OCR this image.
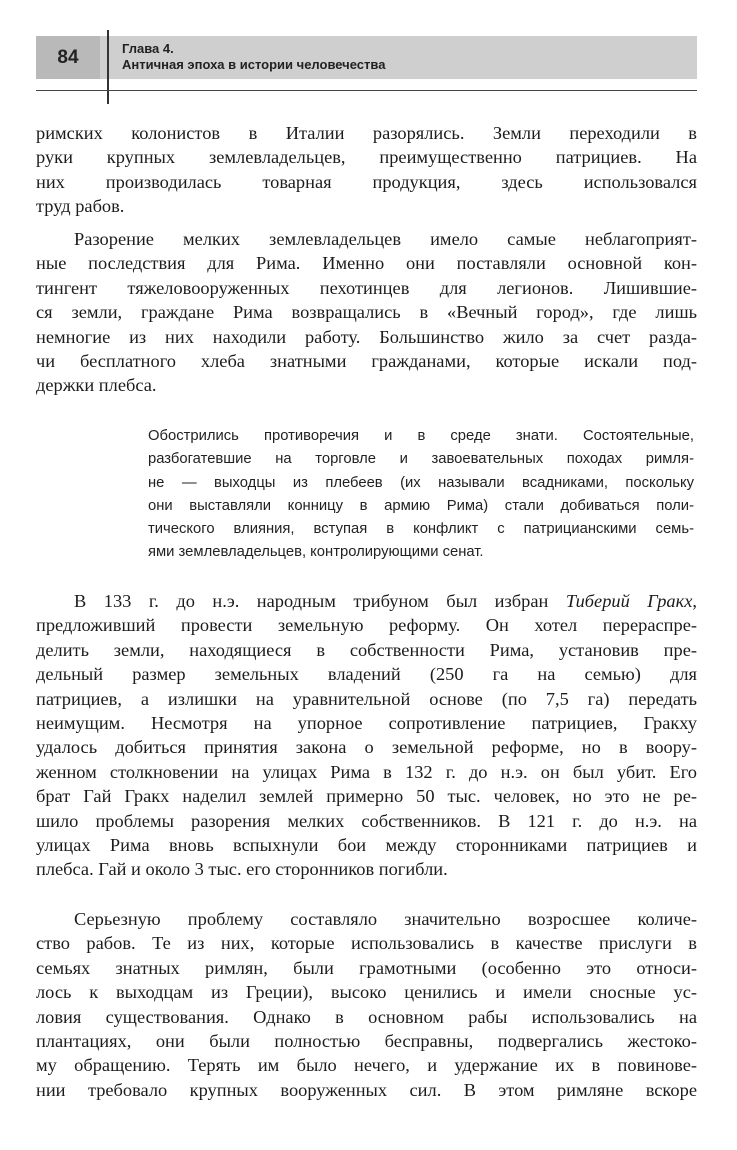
84	Глава 4.
Античная эпоха в истории человечества
римских колонистов в Италии разорялись. Земли переходили в
руки крупных землевладельцев, преимущественно патрициев. На
них производилась товарная продукция, здесь использовался
труд рабов.
Разорение мелких землевладельцев имело самые неблагоприят-
ные последствия для Рима. Именно они поставляли основной кон-
тингент тяжеловооруженных пехотинцев для легионов. Лишившие-
ся земли, граждане Рима возвращались в «Вечный город», где лишь
немногие из них находили работу. Большинство жило за счет разда-
чи бесплатного хлеба знатными гражданами, которые искали под-
держки плебса.
Обострились противоречия и в среде знати. Состоятельные,
разбогатевшие на торговле и завоевательных походах римля-
не — выходцы из плебеев (их называли всадниками, поскольку
они выставляли конницу в армию Рима) стали добиваться поли-
тического влияния, вступая в конфликт с патрицианскими семь-
ями землевладельцев, контролирующими сенат.
В 133 г. до н.э. народным трибуном был избран Тиберий Гракх,
предложивший провести земельную реформу. Он хотел перераспре-
делить земли, находящиеся в собственности Рима, установив пре-
дельный размер земельных владений (250 га на семью) для
патрициев, а излишки на уравнительной основе (по 7,5 га) передать
неимущим. Несмотря на упорное сопротивление патрициев, Гракху
удалось добиться принятия закона о земельной реформе, но в воору-
женном столкновении на улицах Рима в 132 г. до н.э. он был убит. Его
брат Гай Гракх наделил землей примерно 50 тыс. человек, но это не ре-
шило проблемы разорения мелких собственников. В 121 г. до н.э. на
улицах Рима вновь вспыхнули бои между сторонниками патрициев и
плебса. Гай и около 3 тыс. его сторонников погибли.
Серьезную проблему составляло значительно возросшее количе-
ство рабов. Те из них, которые использовались в качестве прислуги в
семьях знатных римлян, были грамотными (особенно это относи-
лось к выходцам из Греции), высоко ценились и имели сносные ус-
ловия существования. Однако в основном рабы использовались на
плантациях, они были полностью бесправны, подвергались жестоко-
му обращению. Терять им было нечего, и удержание их в повинове-
нии требовало крупных вооруженных сил. В этом римляне вскоре
